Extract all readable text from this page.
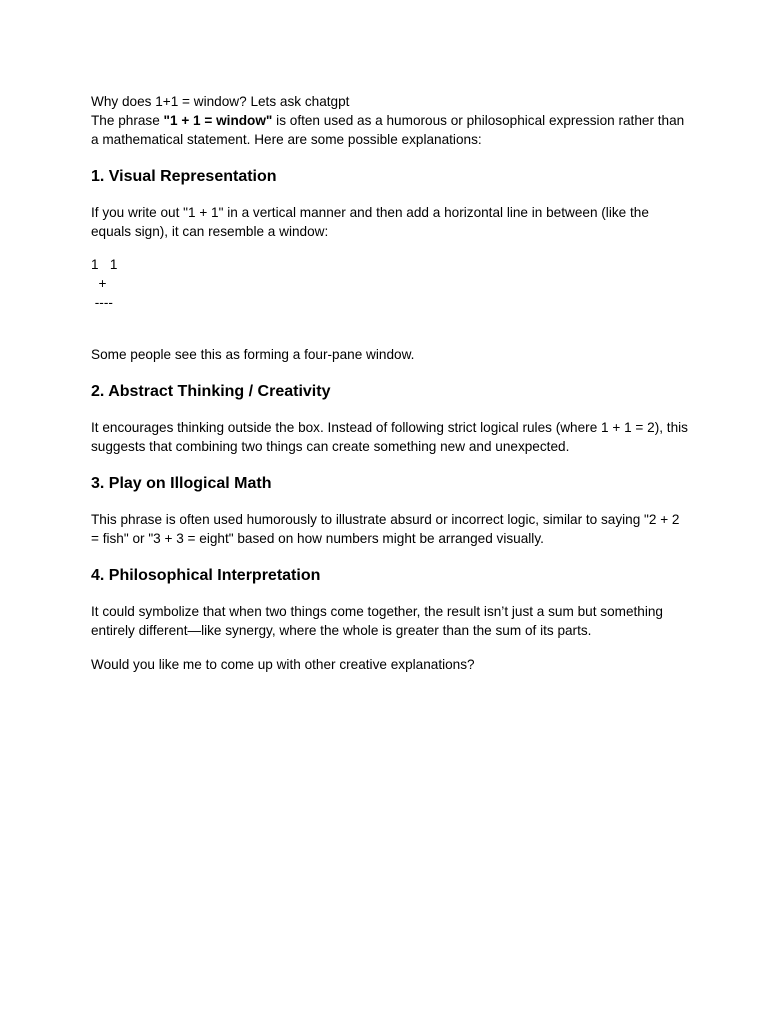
Why does 1+1 = window? Lets ask chatgpt

The phrase "1 + 1 = window" is often used as a humorous or philosophical expression rather than a mathematical statement. Here are some possible explanations:

1. Visual Representation

If you write out "1 + 1" in a vertical manner and then add a horizontal line in between (like the equals sign), it can resemble a window:

1   1
+
----

Some people see this as forming a four-pane window.

2. Abstract Thinking / Creativity

It encourages thinking outside the box. Instead of following strict logical rules (where 1 + 1 = 2), this suggests that combining two things can create something new and unexpected.

3. Play on Illogical Math

This phrase is often used humorously to illustrate absurd or incorrect logic, similar to saying "2 + 2 = fish" or "3 + 3 = eight" based on how numbers might be arranged visually.

4. Philosophical Interpretation

It could symbolize that when two things come together, the result isn’t just a sum but something entirely different—like synergy, where the whole is greater than the sum of its parts.

Would you like me to come up with other creative explanations?
